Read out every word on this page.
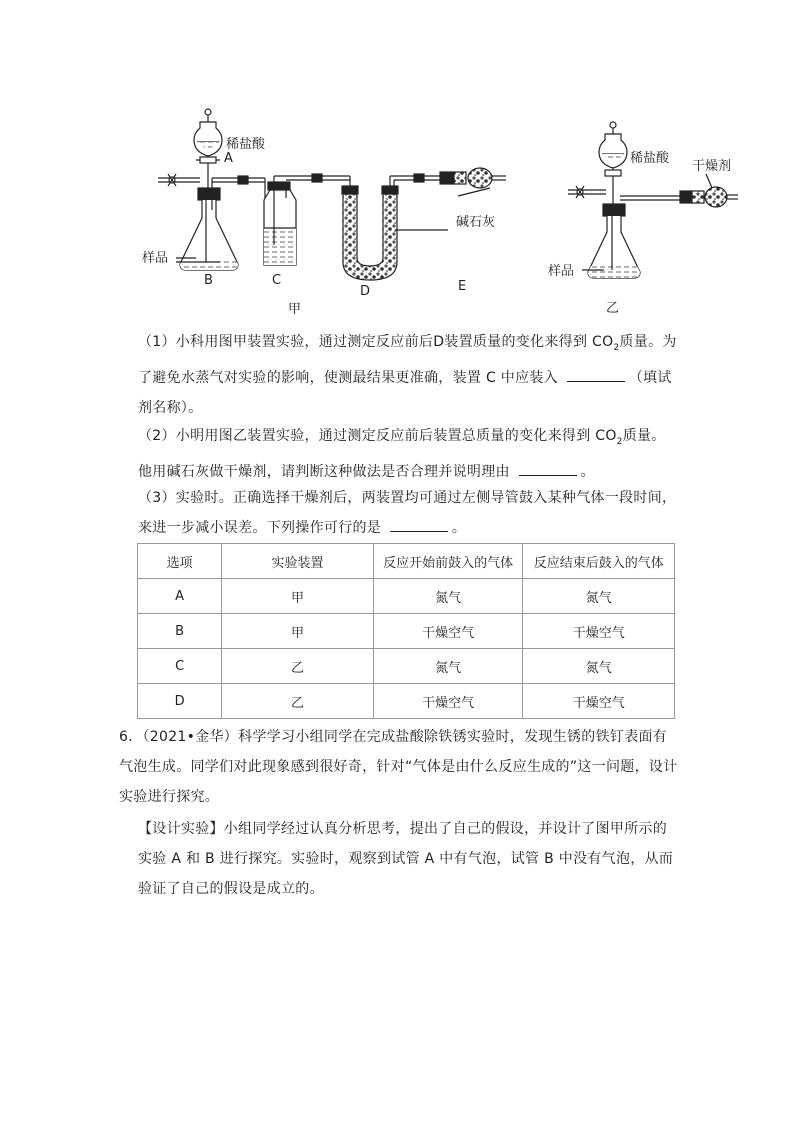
稀盐酸
A
样品
B	C
D	E
碱石灰
甲
稀盐酸
干燥剂
样品
乙
（1）小科用图甲装置实验，通过测定反应前后D装置质量的变化来得到 $CO_2$质量。为了避免水蒸气对实验的影响，使测最结果更准确，装置 C 中应装入	（填试剂名称）。
（2）小明用图乙装置实验，通过测定反应前后装置总质量的变化来得到 $CO_2$质量。他用碱石灰做干燥剂，请判断这种做法是否合理并说明理由	。
（3）实验时。正确选择干燥剂后，两装置均可通过左侧导管鼓入某种气体一段时间，来进一步减小误差。下列操作可行的是	。
选项	实验装置	反应开始前鼓入的气体	反应结束后鼓入的气体
A	甲	氮气	氮气
B	甲	干燥空气	干燥空气
C	乙	氮气	氮气
D	乙	干燥空气	干燥空气
6．（2021•金华）科学学习小组同学在完成盐酸除铁锈实验时，发现生锈的铁钉表面有气泡生成。同学们对此现象感到很好奇，针对“气体是由什么反应生成的”这一问题，设计实验进行探究。
【设计实验】小组同学经过认真分析思考，提出了自己的假设，并设计了图甲所示的实验 A 和 B 进行探究。实验时，观察到试管 A 中有气泡，试管 B 中没有气泡，从而验证了自己的假设是成立的。
